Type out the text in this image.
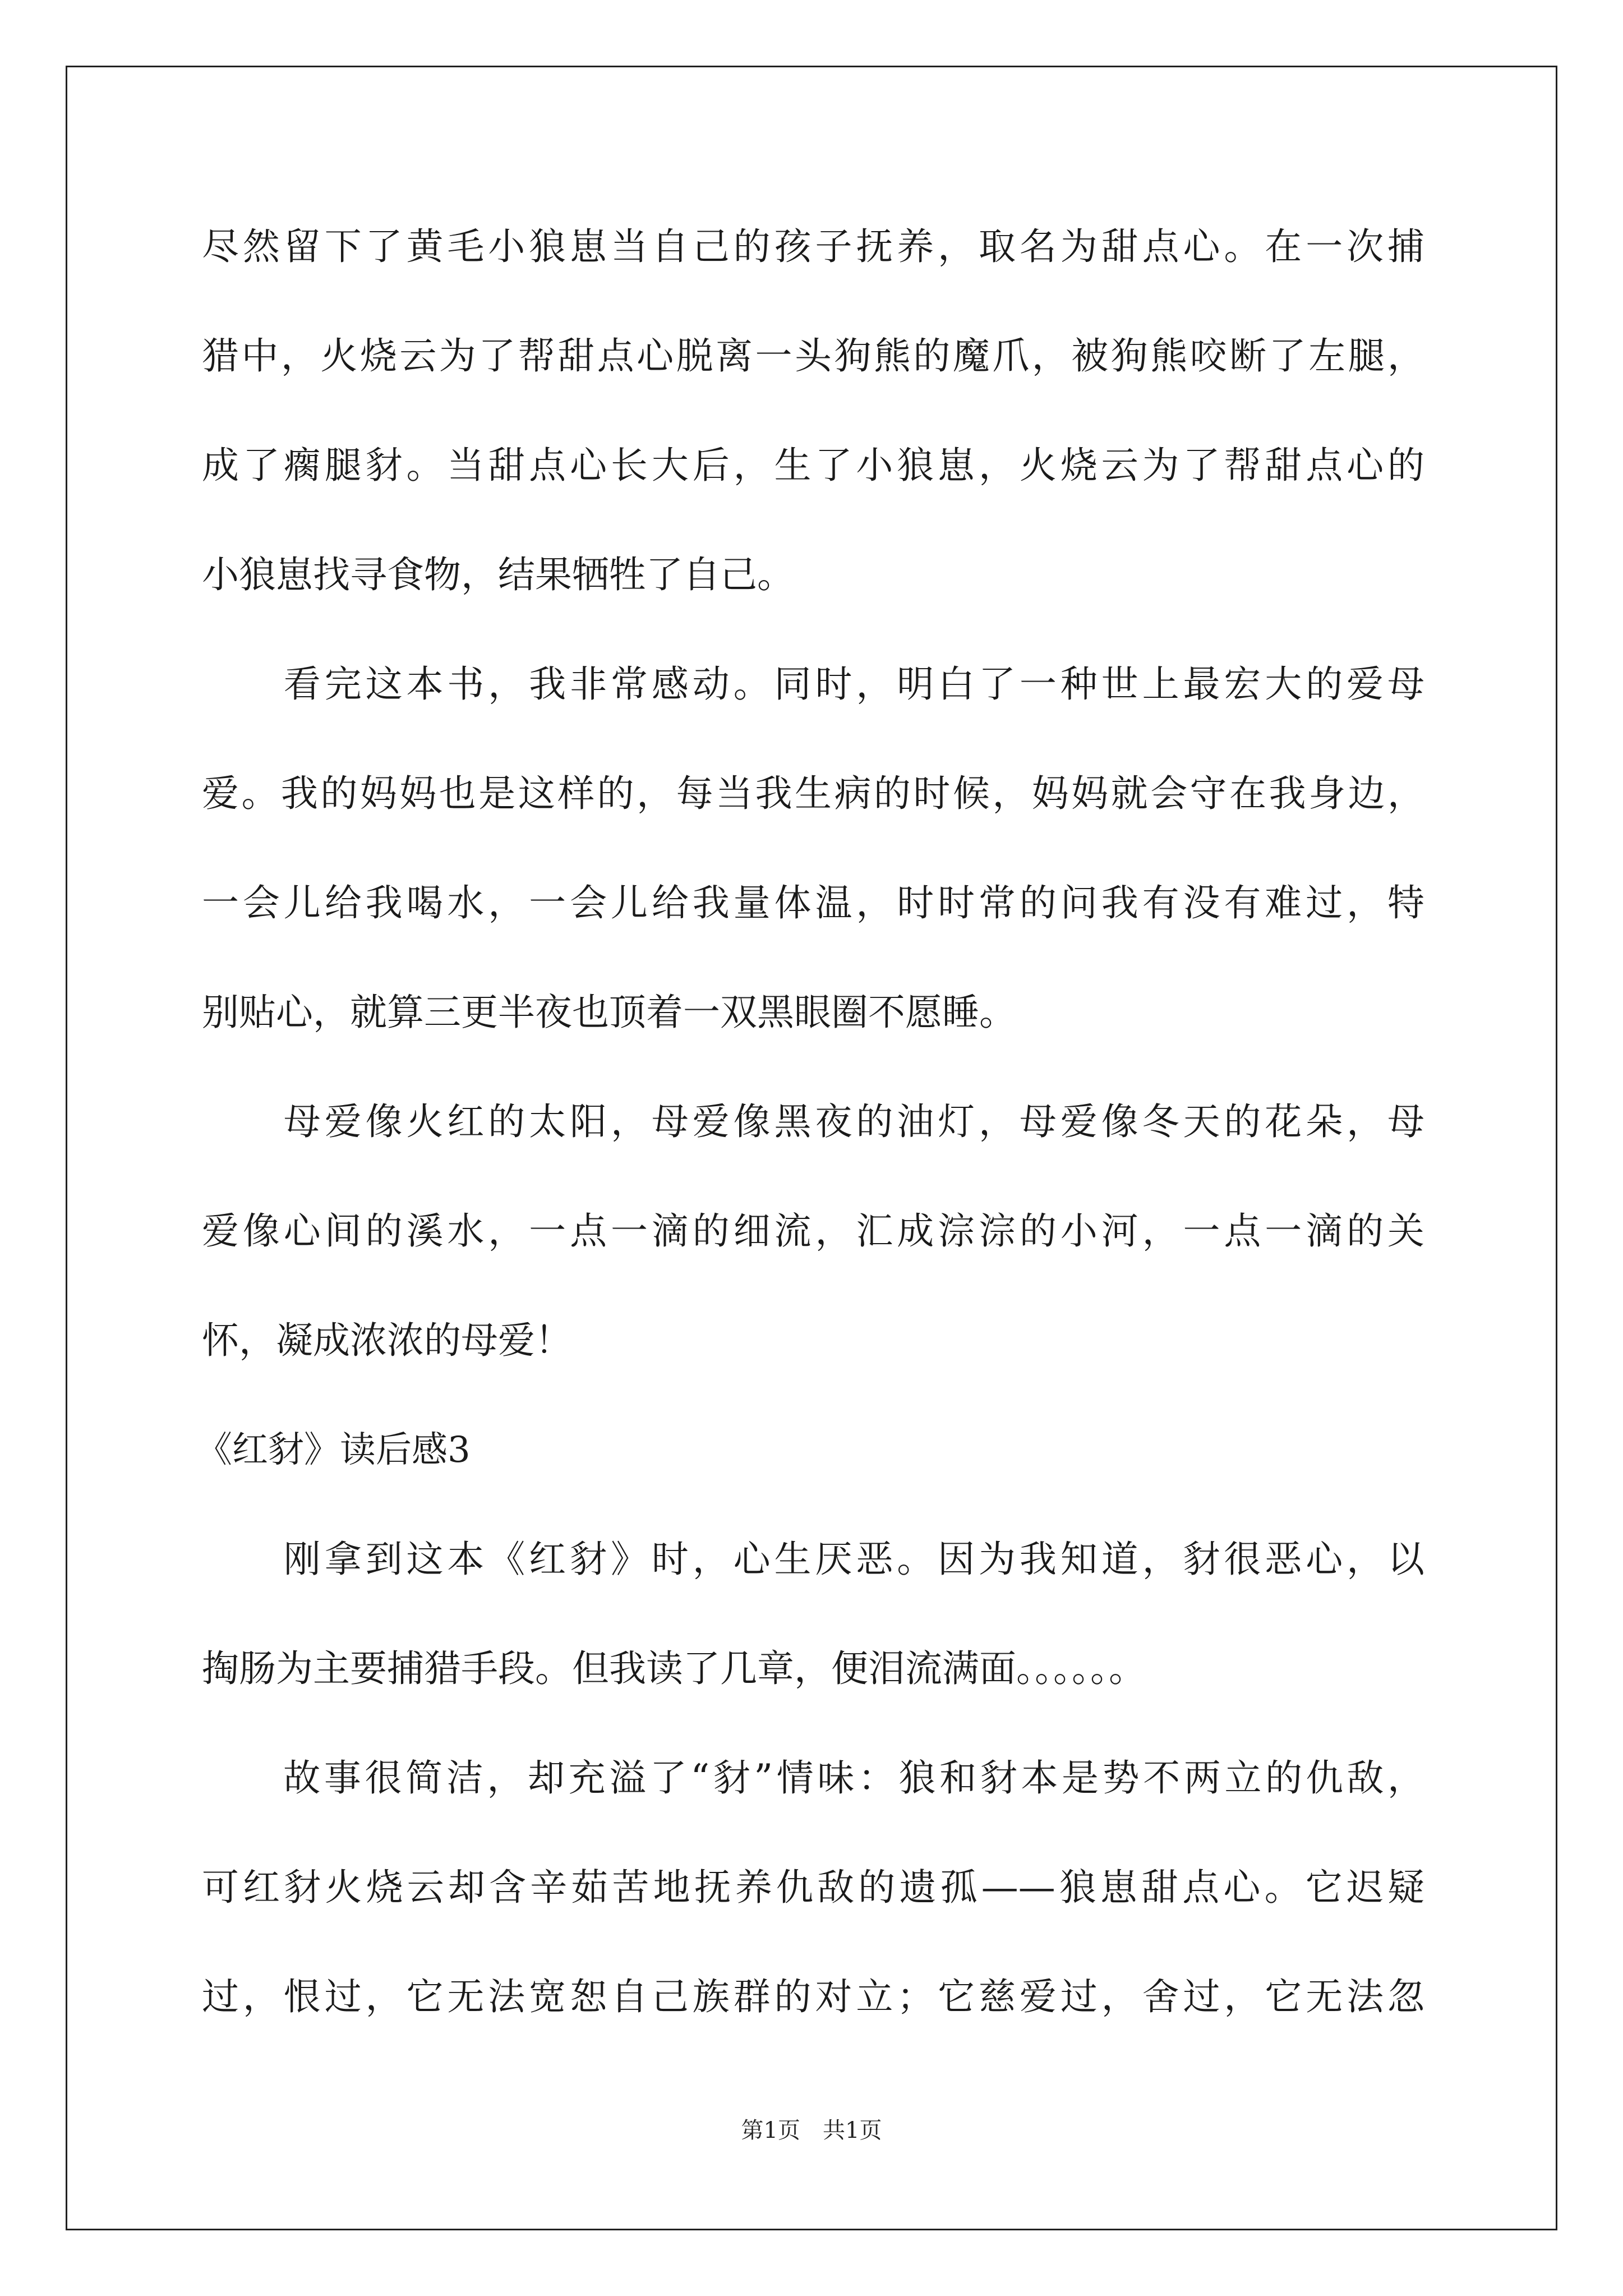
尽然留下了黄毛小狼崽当自己的孩子抚养，取名为甜点心。在一次捕
猎中，火烧云为了帮甜点心脱离一头狗熊的魔爪，被狗熊咬断了左腿，
成了瘸腿豺。当甜点心长大后，生了小狼崽，火烧云为了帮甜点心的
小狼崽找寻食物，结果牺牲了自己。
　　看完这本书，我非常感动。同时，明白了一种世上最宏大的爱母
爱。我的妈妈也是这样的，每当我生病的时候，妈妈就会守在我身边，
一会儿给我喝水，一会儿给我量体温，时时常的问我有没有难过，特
别贴心，就算三更半夜也顶着一双黑眼圈不愿睡。
　　母爱像火红的太阳，母爱像黑夜的油灯，母爱像冬天的花朵，母
爱像心间的溪水，一点一滴的细流，汇成淙淙的小河，一点一滴的关
怀，凝成浓浓的母爱！
《红豺》读后感3
　　刚拿到这本《红豺》时，心生厌恶。因为我知道，豺很恶心，以
掏肠为主要捕猎手段。但我读了几章，便泪流满面。。。。。。
　　故事很简洁，却充溢了“豺”情味：狼和豺本是势不两立的仇敌，
可红豺火烧云却含辛茹苦地抚养仇敌的遗孤——狼崽甜点心。它迟疑
过，恨过，它无法宽恕自己族群的对立；它慈爱过，舍过，它无法忽
第1页　共1页
